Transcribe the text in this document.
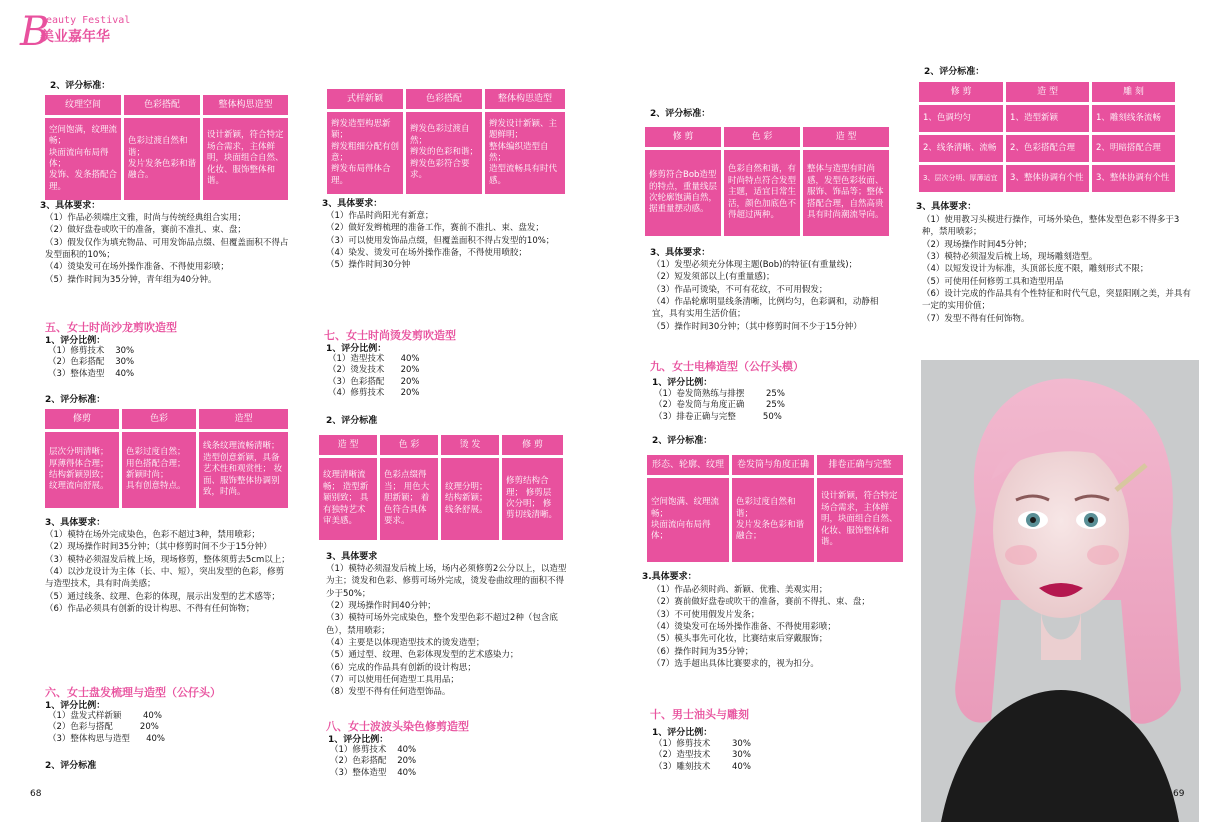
B
eauty Festival
美业嘉年华
2、评分标准：
纹理空间	色彩搭配	整体构思造型
空间饱满，纹理流畅；
块面流向布局得体；
发饰、发条搭配合理。	色彩过渡自然和谐；
发片发条色彩和谐融合。	设计新颖，符合特定场合需求，主体鲜明，块面组合自然、化妆、服饰整体和谐。
3、具体要求：

（1）作品必须端庄文雅，时尚与传统经典组合实用；

（2）做好盘卷或吹干的准备，赛前不准扎、束、盘；

（3）假发仅作为填充物品、可用发饰品点缀、但覆盖面积不得占发型面积的10%；

（4）烫染发可在场外操作准备、不得使用彩喷；

（5）操作时间为35分钟，青年组为40分钟。

五、女士时尚沙龙剪吹造型
1、评分比例：
（1）修剪技术    30%
（2）色彩搭配    30%
（3）整体造型    40%
2、评分标准：
修剪	色彩	造型
层次分明清晰；
厚薄得体合理；
结构新颖别致；
纹理流向舒展。	色彩过度自然；
用色搭配合理；
新颖时尚；
具有创意特点。	线条纹理流畅清晰； 造型创意新颖，具备艺术性和观赏性； 妆面、服饰整体协调别致，时尚。
3、具体要求：

（1）模特在场外完成染色，色彩不超过3种，禁用喷彩；

（2）现场操作时间35分钟；（其中修剪时间不少于15分钟）

（3）模特必须湿发后梳上场，现场修剪，整体须剪去5cm以上；

（4）以沙龙设计为主体（长、中、短），突出发型的色彩，修剪与造型技术，具有时尚美感；

（5）通过线条、纹理、色彩的体现，展示出发型的艺术感等；

（6）作品必须具有创新的设计构思、不得有任何饰物；

六、女士盘发梳理与造型（公仔头）
1、评分比例：
（1）盘发式样新颖        40%
（2）色彩与搭配          20%
（3）整体构思与造型      40%
2、评分标准
68
式样新颖	色彩搭配	整体构思造型
辫发造型构思新颖；
辫发粗细分配有创意；
辫发布局得体合理。	辫发色彩过渡自然；
辫发的色彩和谐；
辫发色彩符合要求。	辫发设计新颖、主题鲜明；
整体编织造型自然；
造型流畅具有时代感。
3、具体要求：

（1）作品时尚阳光有新意；

（2）做好发辫梳理的准备工作，赛前不准扎、束、盘发；

（3）可以使用发饰品点缀，但覆盖面积不得占发型的10%；

（4）染发、烫发可在场外操作准备，不得使用喷胶；

（5）操作时间30分钟

七、女士时尚烫发剪吹造型
1、评分比例：
（1）造型技术      40%
（2）烫发技术      20%
（3）色彩搭配      20%
（4）修剪技术      20%
2、评分标准
造 型	色 彩	烫 发	修 剪
纹理清晰流畅； 造型新颖别致； 具有独特艺术审美感。	色彩点缀得当； 用色大胆新颖； 着色符合具体要求。	纹理分明； 结构新颖； 线条舒展。	修剪结构合理； 修剪层次分明； 修剪切线清晰。
3、具体要求

（1）模特必须湿发后梳上场，场内必须修剪2公分以上，以造型为主；烫发和色彩、修剪可场外完成，烫发卷曲纹理的面积不得少于50%；

（2）现场操作时间40分钟；

（3）模特可场外完成染色，整个发型色彩不超过2种（包含底色），禁用喷彩；

（4）主要是以体现造型技术的烫发造型；

（5）通过型、纹理、色彩体现发型的艺术感染力；

（6）完成的作品具有创新的设计构思；

（7）可以使用任何造型工具用品；

（8）发型不得有任何造型饰品。

八、女士波波头染色修剪造型
1、评分比例：
（1）修剪技术    40%
（2）色彩搭配    20%
（3）整体造型    40%
2、评分标准：
修 剪	色 彩	造 型
修剪符合Bob造型的特点，重量线层次轮廓饱满自然，据重量摆动感。	色彩自然和谐，有时尚特点符合发型主题，适宜日常生活，颜色加底色不得超过两种。	整体与造型有时尚感，发型色彩妆面、服饰、饰品等；整体搭配合理，自然高贵具有时尚潮流导向。
3、具体要求：

（1）发型必须充分体现主题(Bob)的特征(有重量线)；

（2）短发须部以上(有重量感)；

（3）作品可烫染，不可有花纹，不可用假发；

（4）作品轮廓明显线条清晰，比例均匀，色彩调和，动静相宜，具有实用生活价值；

（5）操作时间30分钟；（其中修剪时间不少于15分钟）

九、女士电棒造型（公仔头模）
1、评分比例：
（1）卷发筒熟练与排摆        25%
（2）卷发筒与角度正确        25%
（3）排卷正确与完整          50%
2、评分标准：
形态、轮廓、纹理	卷发筒与角度正确	排卷正确与完整
空间饱满、纹理流畅；
块面流向布局得体；	色彩过度自然和谐；
发片发条色彩和谐融合；	设计新颖，符合特定场合需求，主体鲜明，块面组合自然、化妆、服饰整体和谐。
3.具体要求：

（1）作品必须时尚、新颖、优雅、美观实用；

（2）赛前做好盘卷或吹干的准备，赛前不得扎、束、盘；

（3）不可使用假发片发条；

（4）烫染发可在场外操作准备、不得使用彩喷；

（5）模头事先可化妆，比赛结束后穿戴服饰；

（6）操作时间为35分钟；

（7）选手超出具体比赛要求的，视为扣分。

十、男士油头与雕刻
1、评分比例：
（1）修剪技术        30%
（2）造型技术        30%
（3）雕刻技术        40%
2、评分标准：
修 剪	造 型	雕 刻
1、色调均匀	1、造型新颖	1、雕刻线条流畅
2、线条清晰、流畅	2、色彩搭配合理	2、明暗搭配合理
3、层次分明、厚薄适宜	3、整体协调有个性	3、整体协调有个性
3、具体要求：

（1）使用教习头模进行操作，可场外染色，整体发型色彩不得多于3种，禁用喷彩；

（2）现场操作时间45分钟；

（3）模特必须湿发后梳上场，现场雕刻造型。

（4）以短发设计为标准，头顶部长度不限，雕刻形式不限；

（5）可使用任何修剪工具和造型用品

（6）设计完成的作品具有个性特征和时代气息，突显阳刚之美，并具有一定的实用价值；

（7）发型不得有任何饰物。

69
